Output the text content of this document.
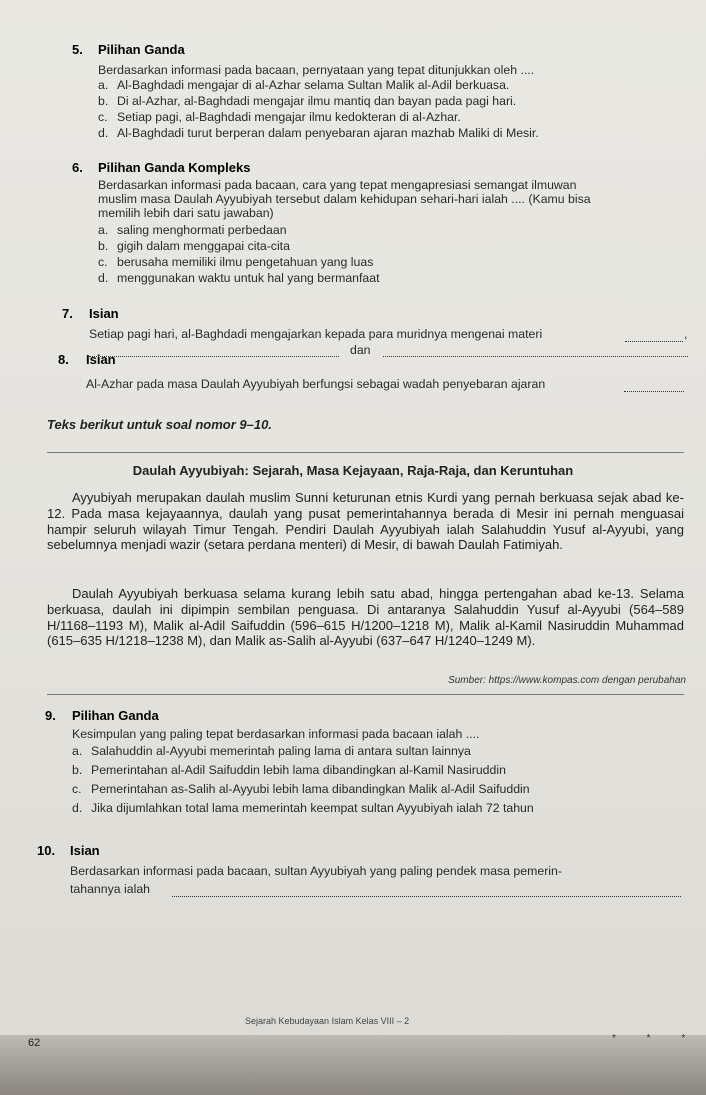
5. Pilihan Ganda
Berdasarkan informasi pada bacaan, pernyataan yang tepat ditunjukkan oleh ....
a. Al-Baghdadi mengajar di al-Azhar selama Sultan Malik al-Adil berkuasa.
b. Di al-Azhar, al-Baghdadi mengajar ilmu mantiq dan bayan pada pagi hari.
c. Setiap pagi, al-Baghdadi mengajar ilmu kedokteran di al-Azhar.
d. Al-Baghdadi turut berperan dalam penyebaran ajaran mazhab Maliki di Mesir.
6. Pilihan Ganda Kompleks
Berdasarkan informasi pada bacaan, cara yang tepat mengapresiasi semangat ilmuwan
muslim masa Daulah Ayyubiyah tersebut dalam kehidupan sehari-hari ialah .... (Kamu bisa
memilih lebih dari satu jawaban)
a. saling menghormati perbedaan
b. gigih dalam menggapai cita-cita
c. berusaha memiliki ilmu pengetahuan yang luas
d. menggunakan waktu untuk hal yang bermanfaat
7. Isian
Setiap pagi hari, al-Baghdadi mengajarkan kepada para muridnya mengenai materi	,
dan
8. Isian
Al-Azhar pada masa Daulah Ayyubiyah berfungsi sebagai wadah penyebaran ajaran
Teks berikut untuk soal nomor 9–10.
Daulah Ayyubiyah: Sejarah, Masa Kejayaan, Raja-Raja, dan Keruntuhan
Ayyubiyah merupakan daulah muslim Sunni keturunan etnis Kurdi yang pernah berkuasa sejak abad ke-12. Pada masa kejayaannya, daulah yang pusat pemerintahannya berada di Mesir ini pernah menguasai hampir seluruh wilayah Timur Tengah. Pendiri Daulah Ayyubiyah ialah Salahuddin Yusuf al-Ayyubi, yang sebelumnya menjadi wazir (setara perdana menteri) di Mesir, di bawah Daulah Fatimiyah.
Daulah Ayyubiyah berkuasa selama kurang lebih satu abad, hingga pertengahan abad ke-13. Selama berkuasa, daulah ini dipimpin sembilan penguasa. Di antaranya Salahuddin Yusuf al-Ayyubi (564–589 H/1168–1193 M), Malik al-Adil Saifuddin (596–615 H/1200–1218 M), Malik al-Kamil Nasiruddin Muhammad (615–635 H/1218–1238 M), dan Malik as-Salih al-Ayyubi (637–647 H/1240–1249 M).
Sumber: https://www.kompas.com dengan perubahan
9. Pilihan Ganda
Kesimpulan yang paling tepat berdasarkan informasi pada bacaan ialah ....
a. Salahuddin al-Ayyubi memerintah paling lama di antara sultan lainnya
b. Pemerintahan al-Adil Saifuddin lebih lama dibandingkan al-Kamil Nasiruddin
c. Pemerintahan as-Salih al-Ayyubi lebih lama dibandingkan Malik al-Adil Saifuddin
d. Jika dijumlahkan total lama memerintah keempat sultan Ayyubiyah ialah 72 tahun
10. Isian
Berdasarkan informasi pada bacaan, sultan Ayyubiyah yang paling pendek masa pemerin-
tahannya ialah
Sejarah Kebudayaan Islam Kelas VIII – 2
62	* * *
